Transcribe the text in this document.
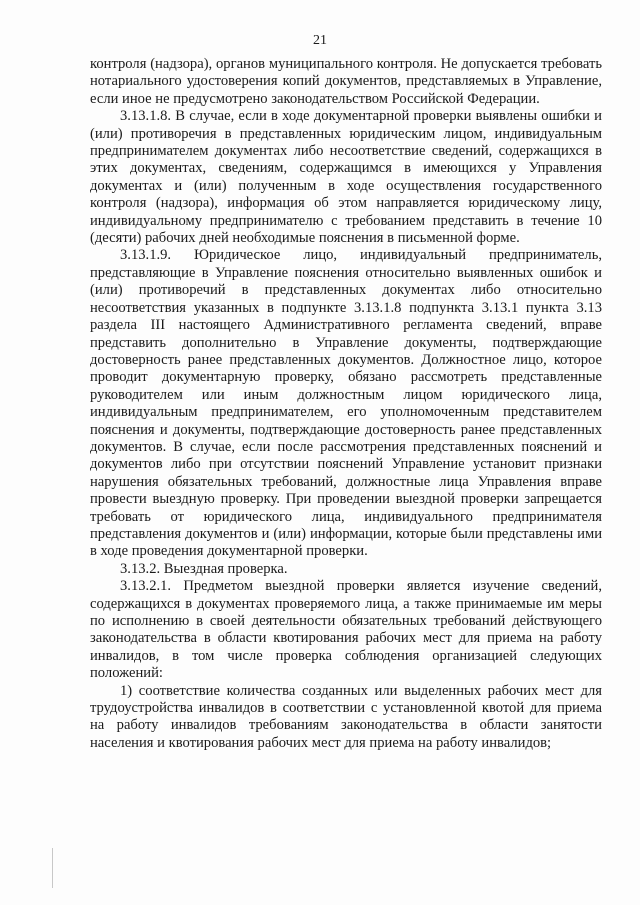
21

контроля (надзора), органов муниципального контроля. Не допускается требовать нотариального удостоверения копий документов, представляемых в Управление, если иное не предусмотрено законодательством Российской Федерации.

3.13.1.8. В случае, если в ходе документарной проверки выявлены ошибки и (или) противоречия в представленных юридическим лицом, индивидуальным предпринимателем документах либо несоответствие сведений, содержащихся в этих документах, сведениям, содержащимся в имеющихся у Управления документах и (или) полученным в ходе осуществления государственного контроля (надзора), информация об этом направляется юридическому лицу, индивидуальному предпринимателю с требованием представить в течение 10 (десяти) рабочих дней необходимые пояснения в письменной форме.

3.13.1.9. Юридическое лицо, индивидуальный предприниматель, представляющие в Управление пояснения относительно выявленных ошибок и (или) противоречий в представленных документах либо относительно несоответствия указанных в подпункте 3.13.1.8 подпункта 3.13.1 пункта 3.13 раздела III настоящего Административного регламента сведений, вправе представить дополнительно в Управление документы, подтверждающие достоверность ранее представленных документов. Должностное лицо, которое проводит документарную проверку, обязано рассмотреть представленные руководителем или иным должностным лицом юридического лица, индивидуальным предпринимателем, его уполномоченным представителем пояснения и документы, подтверждающие достоверность ранее представленных документов. В случае, если после рассмотрения представленных пояснений и документов либо при отсутствии пояснений Управление установит признаки нарушения обязательных требований, должностные лица Управления вправе провести выездную проверку. При проведении выездной проверки запрещается требовать от юридического лица, индивидуального предпринимателя представления документов и (или) информации, которые были представлены ими в ходе проведения документарной проверки.

3.13.2. Выездная проверка.

3.13.2.1. Предметом выездной проверки является изучение сведений, содержащихся в документах проверяемого лица, а также принимаемые им меры по исполнению в своей деятельности обязательных требований действующего законодательства в области квотирования рабочих мест для приема на работу инвалидов, в том числе проверка соблюдения организацией следующих положений:

1) соответствие количества созданных или выделенных рабочих мест для трудоустройства инвалидов в соответствии с установленной квотой для приема на работу инвалидов требованиям законодательства в области занятости населения и квотирования рабочих мест для приема на работу инвалидов;
